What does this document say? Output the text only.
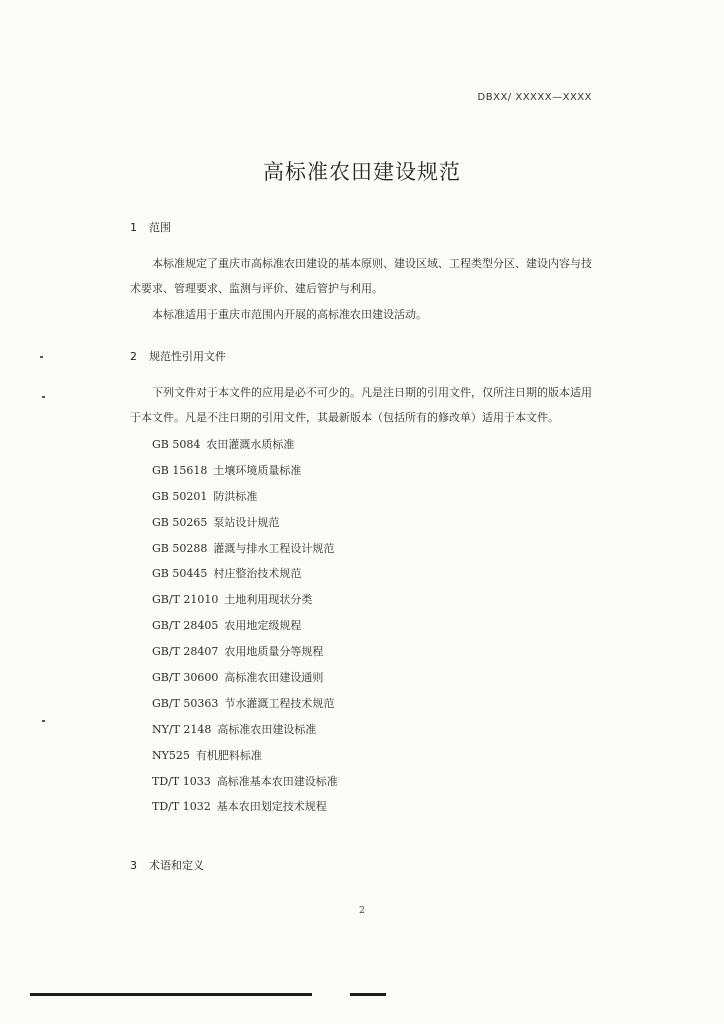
DBXX/ XXXXX—XXXX
高标准农田建设规范
1 范围

本标准规定了重庆市高标准农田建设的基本原则、建设区域、工程类型分区、建设内容与技术要求、管理要求、监测与评价、建后管护与利用。

本标准适用于重庆市范围内开展的高标准农田建设活动。

2 规范性引用文件

下列文件对于本文件的应用是必不可少的。凡是注日期的引用文件，仅所注日期的版本适用于本文件。凡是不注日期的引用文件，其最新版本（包括所有的修改单）适用于本文件。

GB 5084 农田灌溉水质标准
GB 15618 土壤环境质量标准
GB 50201 防洪标准
GB 50265 泵站设计规范
GB 50288 灌溉与排水工程设计规范
GB 50445 村庄整治技术规范
GB/T 21010 土地利用现状分类
GB/T 28405 农用地定级规程
GB/T 28407 农用地质量分等规程
GB/T 30600 高标准农田建设通则
GB/T 50363 节水灌溉工程技术规范
NY/T 2148 高标准农田建设标准
NY525 有机肥料标准
TD/T 1033 高标准基本农田建设标准
TD/T 1032 基本农田划定技术规程
3 术语和定义
2
